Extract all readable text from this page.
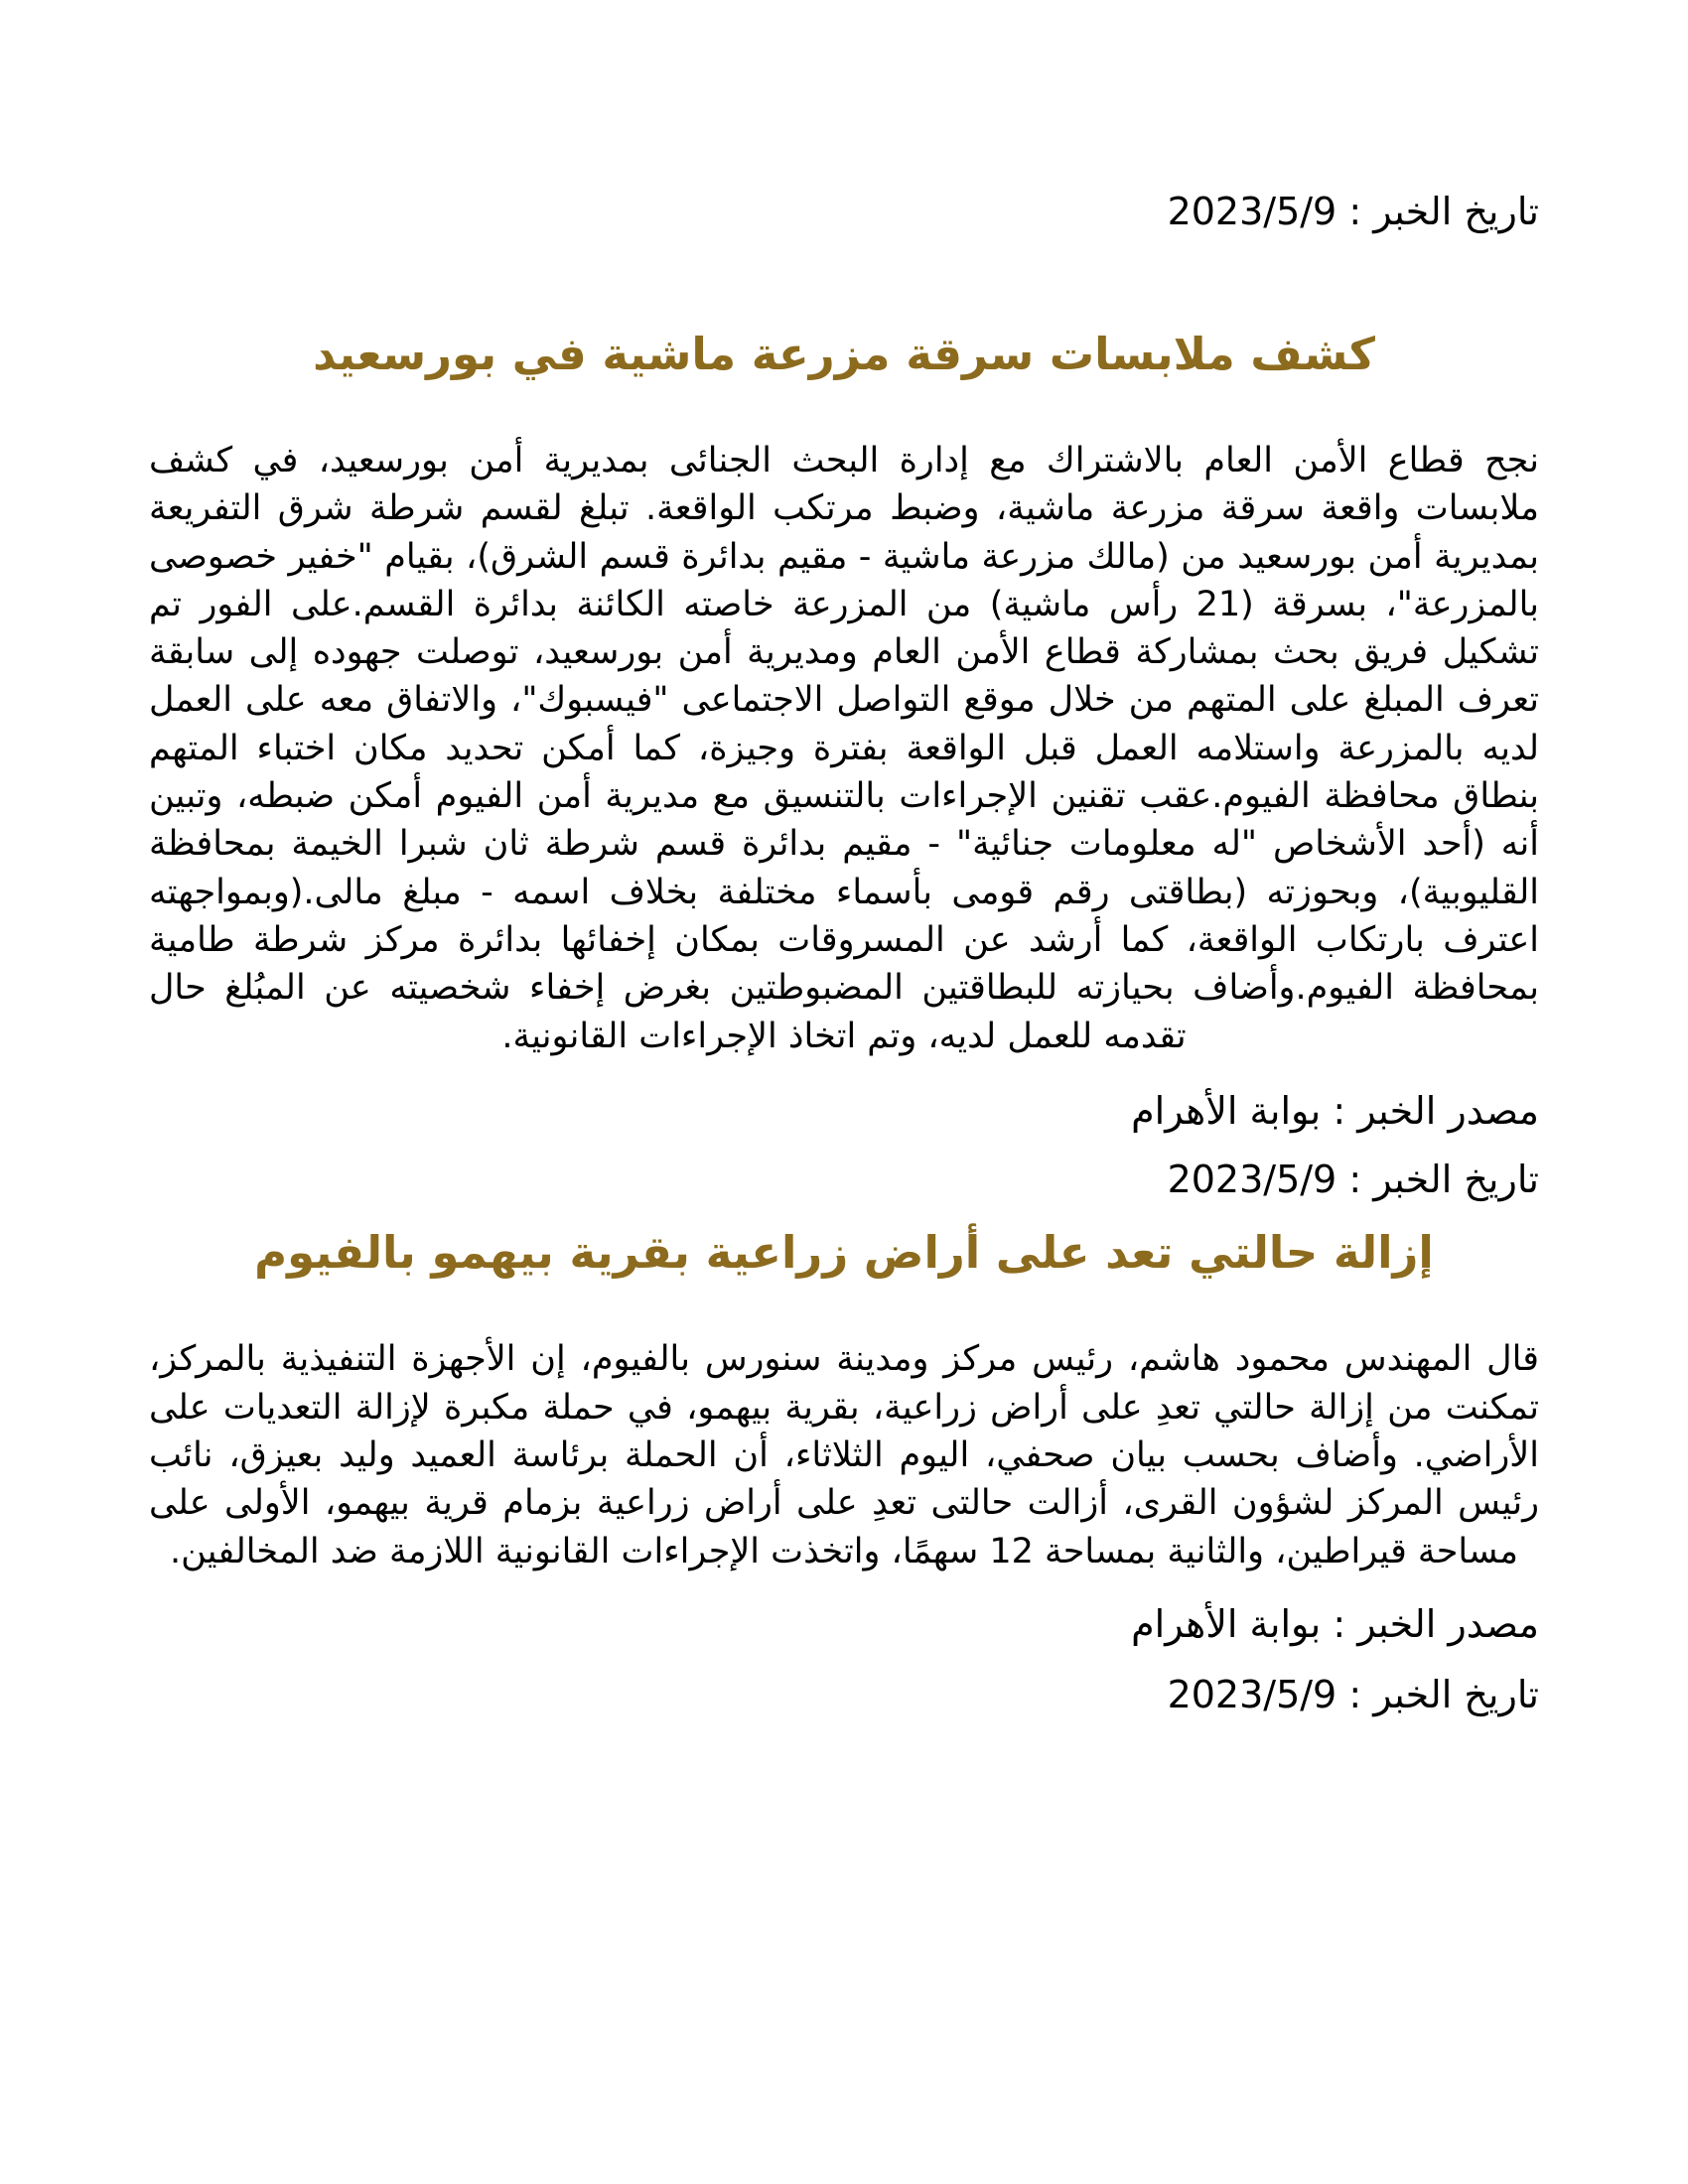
تاريخ الخبر : 2023/5/9

كشف ملابسات سرقة مزرعة ماشية في بورسعيد

نجح قطاع الأمن العام بالاشتراك مع إدارة البحث الجنائى بمديرية أمن بورسعيد، في كشف ملابسات واقعة سرقة مزرعة ماشية، وضبط مرتكب الواقعة. تبلغ لقسم شرطة شرق التفريعة بمديرية أمن بورسعيد من (مالك مزرعة ماشية - مقيم بدائرة قسم الشرق)، بقيام "خفير خصوصى بالمزرعة"، بسرقة (21 رأس ماشية) من المزرعة خاصته الكائنة بدائرة القسم.على الفور تم تشكيل فريق بحث بمشاركة قطاع الأمن العام ومديرية أمن بورسعيد، توصلت جهوده إلى سابقة تعرف المبلغ على المتهم من خلال موقع التواصل الاجتماعى "فيسبوك"، والاتفاق معه على العمل لديه بالمزرعة واستلامه العمل قبل الواقعة بفترة وجيزة، كما أمكن تحديد مكان اختباء المتهم بنطاق محافظة الفيوم.عقب تقنين الإجراءات بالتنسيق مع مديرية أمن الفيوم أمكن ضبطه، وتبين أنه (أحد الأشخاص "له معلومات جنائية" - مقيم بدائرة قسم شرطة ثان شبرا الخيمة بمحافظة القليوبية)، وبحوزته (بطاقتى رقم قومى بأسماء مختلفة بخلاف اسمه - مبلغ مالى.(وبمواجهته اعترف بارتكاب الواقعة، كما أرشد عن المسروقات بمكان إخفائها بدائرة مركز شرطة طامية بمحافظة الفيوم.وأضاف بحيازته للبطاقتين المضبوطتين بغرض إخفاء شخصيته عن المبُلغ حال تقدمه للعمل لديه، وتم اتخاذ الإجراءات القانونية.

مصدر الخبر : بوابة الأهرام

تاريخ الخبر : 2023/5/9

إزالة حالتي تعد على أراض زراعية بقرية بيهمو بالفيوم

قال المهندس محمود هاشم، رئيس مركز ومدينة سنورس بالفيوم، إن الأجهزة التنفيذية بالمركز، تمكنت من إزالة حالتي تعدِ على أراض زراعية، بقرية بيهمو، في حملة مكبرة لإزالة التعديات على الأراضي. وأضاف بحسب بيان صحفي، اليوم الثلاثاء، أن الحملة برئاسة العميد وليد بعيزق، نائب رئيس المركز لشؤون القرى، أزالت حالتى تعدِ على أراض زراعية بزمام قرية بيهمو، الأولى على مساحة قيراطين، والثانية بمساحة 12 سهمًا، واتخذت الإجراءات القانونية اللازمة ضد المخالفين.

مصدر الخبر : بوابة الأهرام

تاريخ الخبر : 2023/5/9
